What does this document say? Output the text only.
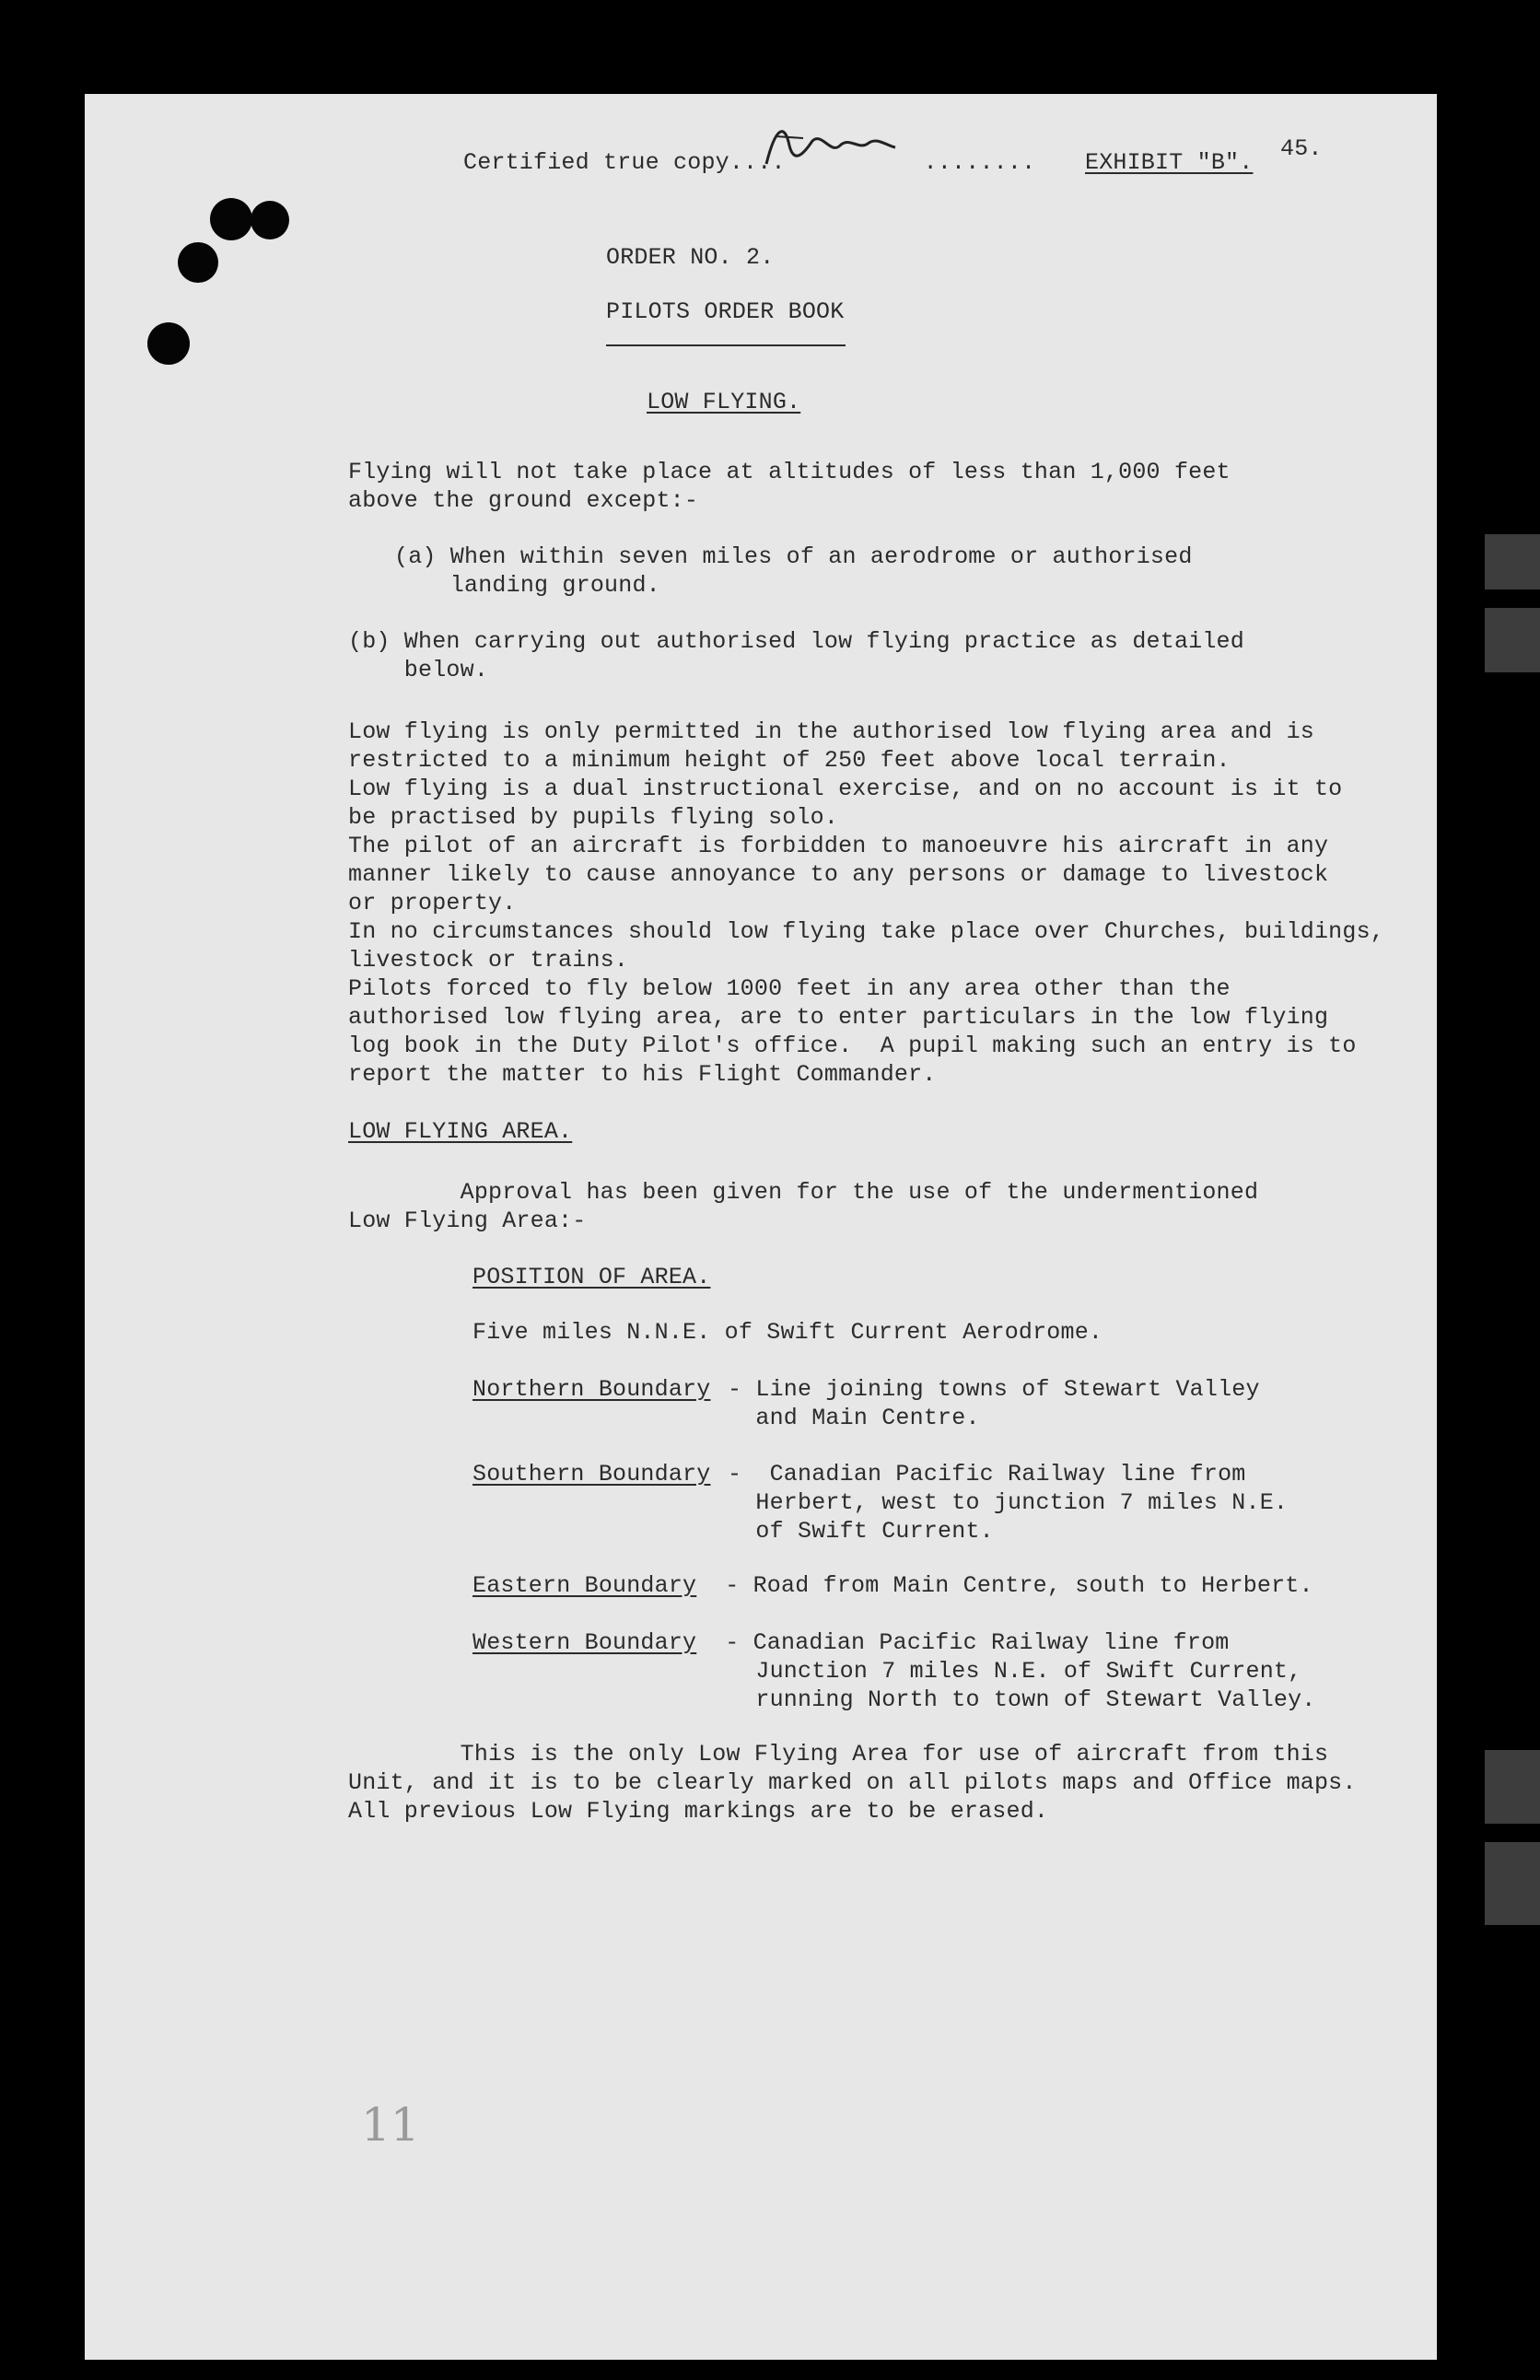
Certified true copy....	........ EXHIBIT "B".
45.
ORDER NO. 2.
PILOTS ORDER BOOK
LOW FLYING.
Flying will not take place at altitudes of less than 1,000 feet
above the ground except:-
(a) When within seven miles of an aerodrome or authorised
landing ground.
(b) When carrying out authorised low flying practice as detailed
below.
Low flying is only permitted in the authorised low flying area and is
restricted to a minimum height of 250 feet above local terrain.
Low flying is a dual instructional exercise, and on no account is it to
be practised by pupils flying solo.
The pilot of an aircraft is forbidden to manoeuvre his aircraft in any
manner likely to cause annoyance to any persons or damage to livestock
or property.
In no circumstances should low flying take place over Churches, buildings,
livestock or trains.
Pilots forced to fly below 1000 feet in any area other than the
authorised low flying area, are to enter particulars in the low flying
log book in the Duty Pilot's office.  A pupil making such an entry is to
report the matter to his Flight Commander.
LOW FLYING AREA.
Approval has been given for the use of the undermentioned
Low Flying Area:-
POSITION OF AREA.
Five miles N.N.E. of Swift Current Aerodrome.
Northern Boundary - Line joining towns of Stewart Valley
and Main Centre.
Southern Boundary -  Canadian Pacific Railway line from
Herbert, west to junction 7 miles N.E.
of Swift Current.
Eastern Boundary - Road from Main Centre, south to Herbert.
Western Boundary - Canadian Pacific Railway line from
Junction 7 miles N.E. of Swift Current,
running North to town of Stewart Valley.
This is the only Low Flying Area for use of aircraft from this
Unit, and it is to be clearly marked on all pilots maps and Office maps.
All previous Low Flying markings are to be erased.
11
